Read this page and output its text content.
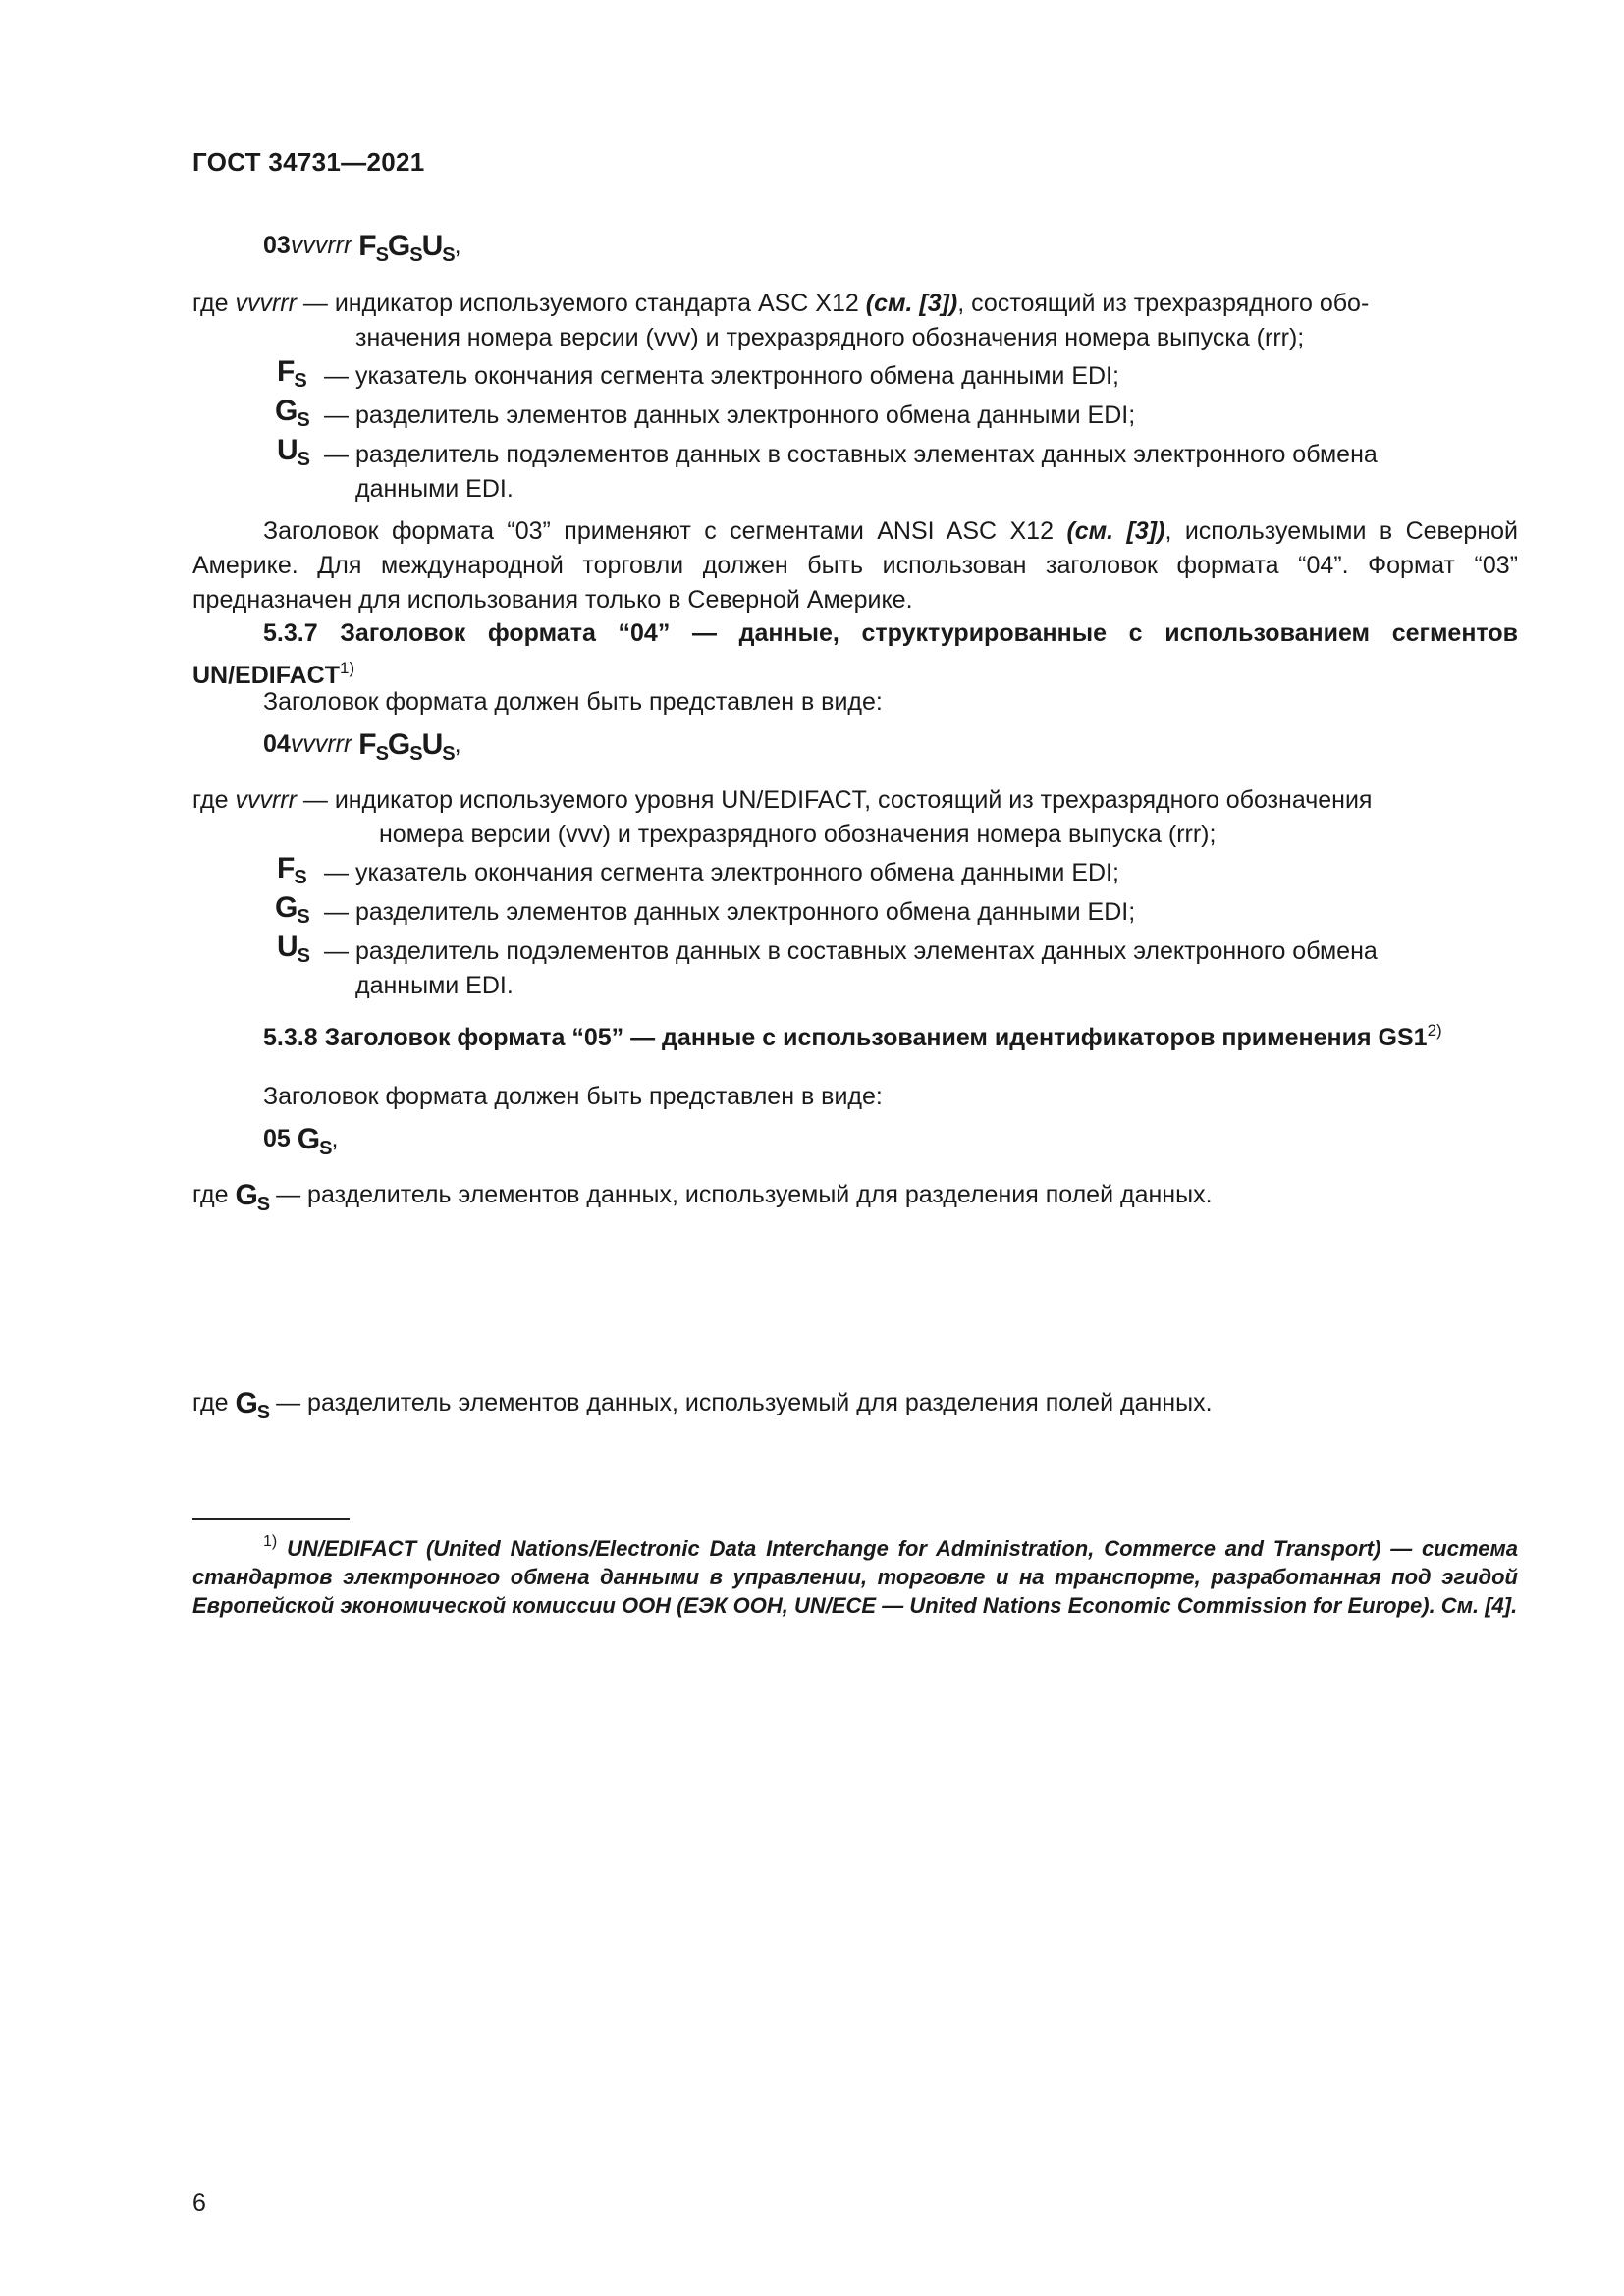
ГОСТ 34731—2021
03vvvrrr $F_SG_SU_S$,
где vvvrrr — индикатор используемого стандарта ASC X12 (см. [3]), состоящий из трехразрядного обо-
значения номера версии (vvv) и трехразрядного обозначения номера выпуска (rrr);
$F_S$ — указатель окончания сегмента электронного обмена данными EDI;
$G_S$ — разделитель элементов данных электронного обмена данными EDI;
$U_S$ — разделитель подэлементов данных в составных элементах данных электронного обмена
данными EDI.
Заголовок формата “03” применяют с сегментами ANSI ASC X12 (см. [3]), используемыми в Северной Америке. Для международной торговли должен быть использован заголовок формата “04”. Формат “03” предназначен для использования только в Северной Америке.
5.3.7 Заголовок формата “04” — данные, структурированные с использованием сегментов UN/EDIFACT$^{1)}$
Заголовок формата должен быть представлен в виде:
04vvvrrr $F_SG_SU_S$,
где vvvrrr — индикатор используемого уровня UN/EDIFACT, состоящий из трехразрядного обозначения
номера версии (vvv) и трехразрядного обозначения номера выпуска (rrr);
$F_S$ — указатель окончания сегмента электронного обмена данными EDI;
$G_S$ — разделитель элементов данных электронного обмена данными EDI;
$U_S$ — разделитель подэлементов данных в составных элементах данных электронного обмена
данными EDI.
5.3.8 Заголовок формата “05” — данные с использованием идентификаторов применения GS1$^{2)}$
Заголовок формата должен быть представлен в виде:
05 $G_S$,
где $G_S$ — разделитель элементов данных, используемый для разделения полей данных.
где $G_S$ — разделитель элементов данных, используемый для разделения полей данных.
$^{1)}$ UN/EDIFACT (United Nations/Electronic Data Interchange for Administration, Commerce and Transport) — система стандартов электронного обмена данными в управлении, торговле и на транспорте, разработанная под эгидой Европейской экономической комиссии ООН (ЕЭК ООН, UN/ECE — United Nations Economic Commission for Europe). См. [4].
6
